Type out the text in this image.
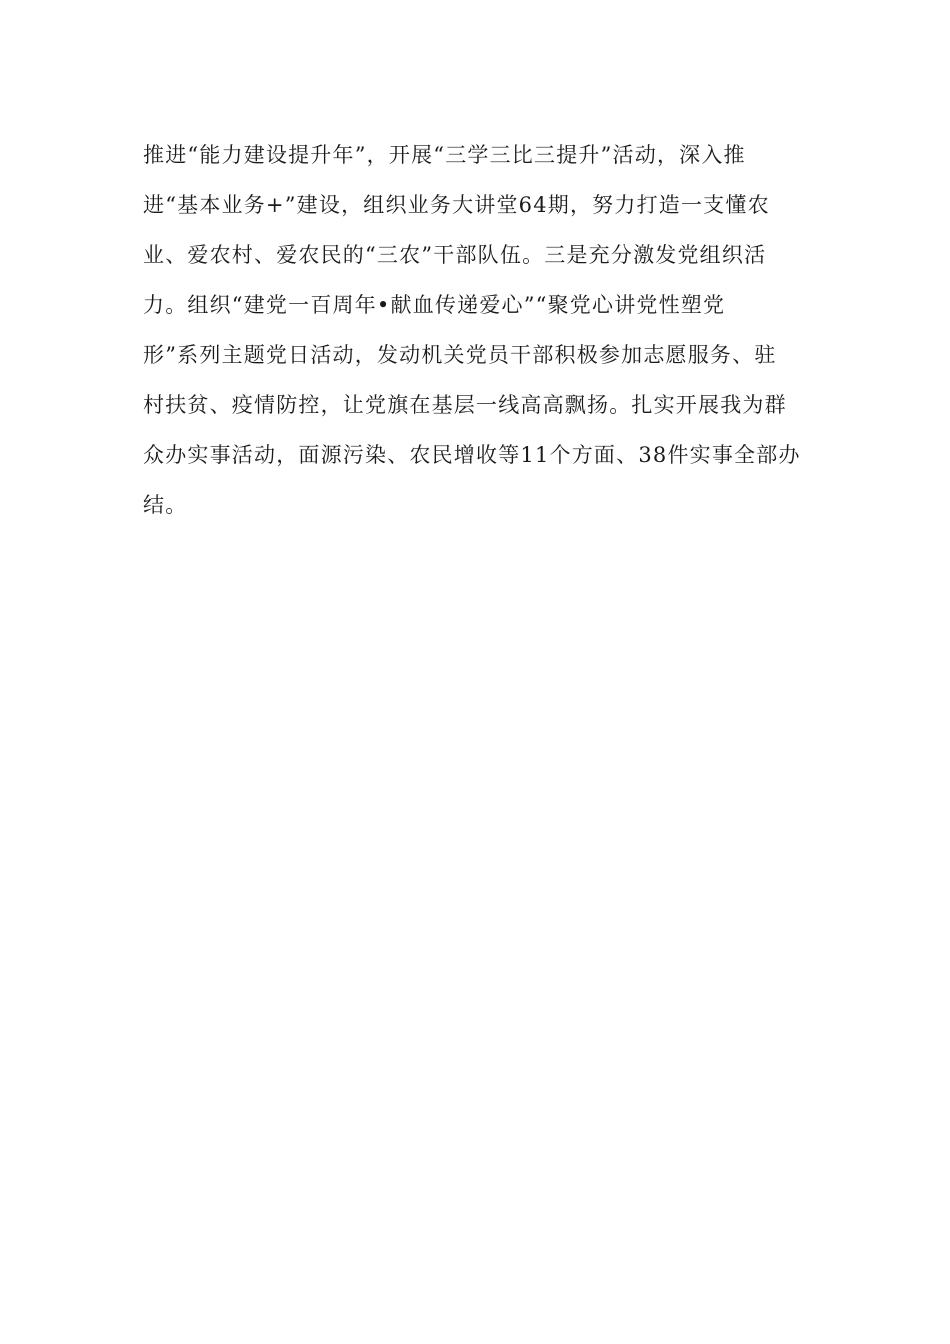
推进“能力建设提升年”，开展“三学三比三提升”活动，深入推
进“基本业务+”建设，组织业务大讲堂64期，努力打造一支懂农
业、爱农村、爱农民的“三农”干部队伍。三是充分激发党组织活
力。组织“建党一百周年•献血传递爱心”“聚党心讲党性塑党
形”系列主题党日活动，发动机关党员干部积极参加志愿服务、驻
村扶贫、疫情防控，让党旗在基层一线高高飘扬。扎实开展我为群
众办实事活动，面源污染、农民增收等11个方面、38件实事全部办
结。
